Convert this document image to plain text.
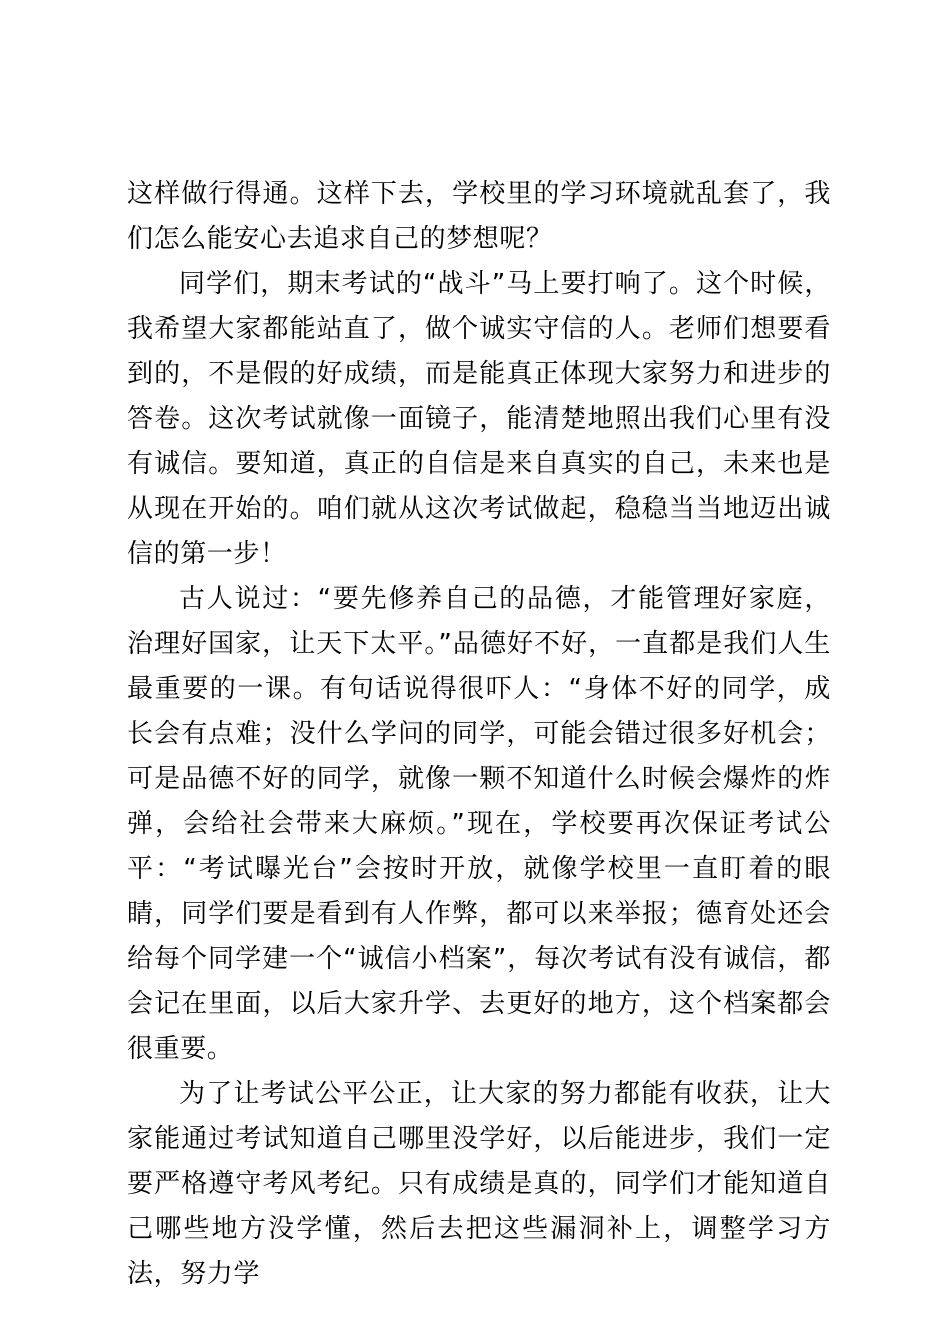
这样做行得通。这样下去，学校里的学习环境就乱套了，我们怎么能安心去追求自己的梦想呢？

同学们，期末考试的“战斗”马上要打响了。这个时候，我希望大家都能站直了，做个诚实守信的人。老师们想要看到的，不是假的好成绩，而是能真正体现大家努力和进步的答卷。这次考试就像一面镜子，能清楚地照出我们心里有没有诚信。要知道，真正的自信是来自真实的自己，未来也是从现在开始的。咱们就从这次考试做起，稳稳当当地迈出诚信的第一步！

古人说过：“要先修养自己的品德，才能管理好家庭，治理好国家，让天下太平。”品德好不好，一直都是我们人生最重要的一课。有句话说得很吓人：“身体不好的同学，成长会有点难；没什么学问的同学，可能会错过很多好机会；可是品德不好的同学，就像一颗不知道什么时候会爆炸的炸弹，会给社会带来大麻烦。”现在，学校要再次保证考试公平：“考试曝光台”会按时开放，就像学校里一直盯着的眼睛，同学们要是看到有人作弊，都可以来举报；德育处还会给每个同学建一个“诚信小档案”，每次考试有没有诚信，都会记在里面，以后大家升学、去更好的地方，这个档案都会很重要。

为了让考试公平公正，让大家的努力都能有收获，让大家能通过考试知道自己哪里没学好，以后能进步，我们一定要严格遵守考风考纪。只有成绩是真的，同学们才能知道自己哪些地方没学懂，然后去把这些漏洞补上，调整学习方法，努力学
